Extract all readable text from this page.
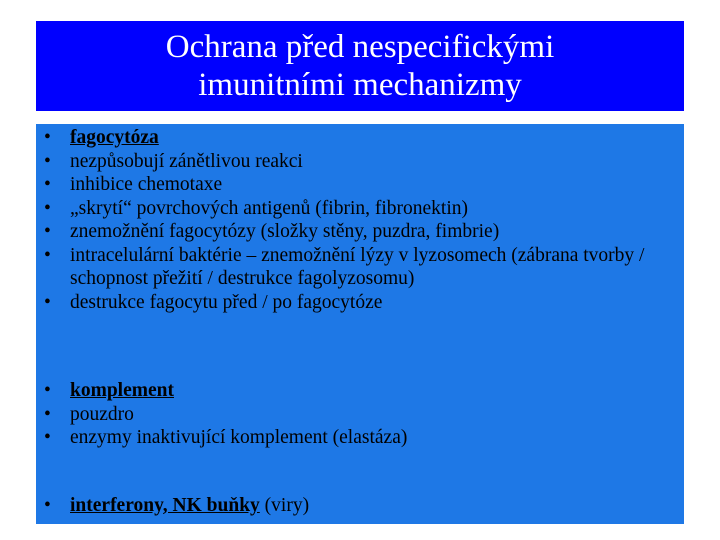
Ochrana před nespecifickými
imunitními mechanizmy
• fagocytóza
• nezpůsobují zánětlivou reakci
• inhibice chemotaxe
• „skrytí“ povrchových antigenů (fibrin, fibronektin)
• znemožnění fagocytózy (složky stěny, puzdra, fimbrie)
• intracelulární baktérie – znemožnění lýzy v lyzosomech (zábrana tvorby / schopnost přežití / destrukce fagolyzosomu)
• destrukce fagocytu před / po fagocytóze
• komplement
• pouzdro
• enzymy inaktivující komplement (elastáza)
• interferony, NK buňky (viry)
